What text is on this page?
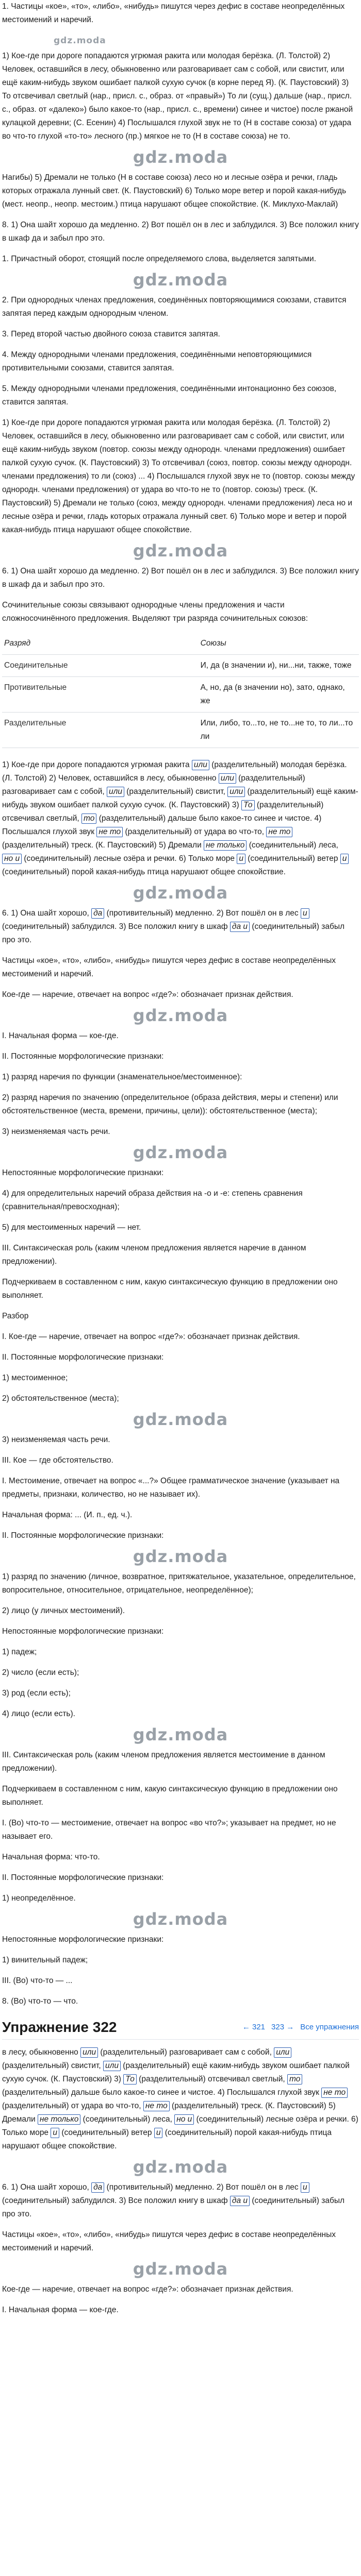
1. Частицы «кое», «то», «либо», «нибудь» пишутся через дефис в составе неопределённых местоимений и наречий.

gdz.moda

1) Кое-где при дороге попадаются угрюмая ракита или молодая берёзка. (Л. Толстой) 2) Человек, оставшийся в лесу, обыкновенно или разговаривает сам с собой, или свистит, или ещё каким-нибудь звуком ошибает палкой сухую сучок (в корне перед Я). (К. Паустовский) 3) То отсвечивал светлый (нар., присл. с., образ. от «правый») То ли (сущ.) дальше (нар., присл. с., образ. от «далеко») было какое-то (нар., присл. с., времени) синее и чистое) после ржаной кулацкой деревни; (С. Есенин) 4) Послышался глухой звук не то (Н в составе союза) от удара во что-то глухой «то-то» лесного (пр.) мягкое не то (Н в составе союза) не то.

gdz.moda

Нагибы) 5) Дремали не только (Н в составе союза) лесо но и лесные озёра и речки, гладь которых отражала лунный свет. (К. Паустовский) 6) Только море ветер и порой какая-нибудь (мест. неопр., неопр. местоим.) птица нарушают общее спокойствие. (К. Миклухо-Маклай)

8. 1) Она шайт хорошо да медленно. 2) Вот пошёл он в лес и заблудился. 3) Все положил книгу в шкаф да и забыл про это.

1. Причастный оборот, стоящий после определяемого слова, выделяется запятыми.

gdz.moda

2. При однородных членах предложения, соединённых повторяющимися союзами, ставится запятая перед каждым однородным членом.

3. Перед второй частью двойного союза ставится запятая.

4. Между однородными членами предложения, соединёнными неповторяющимися противительными союзами, ставится запятая.

5. Между однородными членами предложения, соединёнными интонационно без союзов, ставится запятая.

1) Кое-где при дороге попадаются угрюмая ракита или молодая берёзка. (Л. Толстой) 2) Человек, оставшийся в лесу, обыкновенно или разговаривает сам с собой, или свистит, или ещё каким-нибудь звуком (повтор. союзы между однородн. членами предложения) ошибает палкой сухую сучок. (К. Паустовский) 3) То отсвечивал (союз, повтор. союзы между однородн. членами предложения) то ли (союз) ... 4) Послышался глухой звук не то (повтор. союзы между однородн. членами предложения) от удара во что-то не то (повтор. союзы) треск. (К. Паустовский) 5) Дремали не только (союз, между однородн. членами предложения) леса но и лесные озёра и речки, гладь которых отражала лунный свет. 6) Только море и ветер и порой какая-нибудь птица нарушают общее спокойствие.

gdz.moda

6. 1) Она шайт хорошо да медленно. 2) Вот пошёл он в лес и заблудился. 3) Все положил книгу в шкаф да и забыл про это.

Сочинительные союзы связывают однородные члены предложения и части сложносочинённого предложения. Выделяют три разряда сочинительных союзов:

Разряд	Союзы
Соединительные	И, да (в значении и), ни...ни, также, тоже
Противительные	А, но, да (в значении но), зато, однако, же
Разделительные	Или, либо, то...то, не то...не то, то ли...то ли

1) Кое-где при дороге попадаются угрюмая ракита или (разделительный) молодая берёзка. (Л. Толстой) 2) Человек, оставшийся в лесу, обыкновенно или (разделительный) разговаривает сам с собой, или (разделительный) свистит, или (разделительный) ещё каким-нибудь звуком ошибает палкой сухую сучок. (К. Паустовский) 3) То (разделительный) отсвечивал светлый, то (разделительный) дальше было какое-то синее и чистое. 4) Послышался глухой звук не то (разделительный) от удара во что-то, не то (разделительный) треск. (К. Паустовский) 5) Дремали не только (соединительный) леса, но и (соединительный) лесные озёра и речки. 6) Только море и (соединительный) ветер и (соединительный) порой какая-нибудь птица нарушают общее спокойствие.

gdz.moda

6. 1) Она шайт хорошо, да (противительный) медленно. 2) Вот пошёл он в лес и (соединительный) заблудился. 3) Все положил книгу в шкаф да и (соединительный) забыл про это.

Частицы «кое», «то», «либо», «нибудь» пишутся через дефис в составе неопределённых местоимений и наречий.

Кое-где — наречие, отвечает на вопрос «где?»: обозначает признак действия.

gdz.moda

I. Начальная форма — кое-где.

II. Постоянные морфологические признаки:

1) разряд наречия по функции (знаменательное/местоименное):

2) разряд наречия по значению (определительное (образа действия, меры и степени) или обстоятельственное (места, времени, причины, цели)): обстоятельственное (места);

3) неизменяемая часть речи.

gdz.moda

Непостоянные морфологические признаки:

4) для определительных наречий образа действия на -о и -е: степень сравнения (сравнительная/превосходная);

5) для местоименных наречий — нет.

III. Синтаксическая роль (каким членом предложения является наречие в данном предложении).

Подчеркиваем в составленном с ним, какую синтаксическую функцию в предложении оно выполняет.

Разбор

I. Кое-где — наречие, отвечает на вопрос «где?»: обозначает признак действия.

II. Постоянные морфологические признаки:

1) местоименное;

2) обстоятельственное (места);

gdz.moda

3) неизменяемая часть речи.

III. Кое — где обстоятельство.

I. Местоимение, отвечает на вопрос «...?» Общее грамматическое значение (указывает на предметы, признаки, количество, но не называет их).

Начальная форма: ... (И. п., ед. ч.).

II. Постоянные морфологические признаки:

gdz.moda

1) разряд по значению (личное, возвратное, притяжательное, указательное, определительное, вопросительное, относительное, отрицательное, неопределённое);

2) лицо (у личных местоимений).

Непостоянные морфологические признаки:

1) падеж;

2) число (если есть);

3) род (если есть);

4) лицо (если есть).

gdz.moda

III. Синтаксическая роль (каким членом предложения является местоимение в данном предложении).

Подчеркиваем в составленном с ним, какую синтаксическую функцию в предложении оно выполняет.

I. (Во) что-то — местоимение, отвечает на вопрос «во что?»; указывает на предмет, но не называет его.

Начальная форма: что-то.

II. Постоянные морфологические признаки:

1) неопределённое.

gdz.moda

Непостоянные морфологические признаки:

1) винительный падеж;

III. (Во) что-то — ...

8. (Во) что-то — что.

Упражнение 322	← 321 323 → Все упражнения

в лесу, обыкновенно или (разделительный) разговаривает сам с собой, или (разделительный) свистит, или (разделительный) ещё каким-нибудь звуком ошибает палкой сухую сучок. (К. Паустовский) 3) То (разделительный) отсвечивал светлый, то (разделительный) дальше было какое-то синее и чистое. 4) Послышался глухой звук не то (разделительный) от удара во что-то, не то (разделительный) треск. (К. Паустовский) 5) Дремали не только (соединительный) леса, но и (соединительный) лесные озёра и речки. 6) Только море и (соединительный) ветер и (соединительный) порой какая-нибудь птица нарушают общее спокойствие.

gdz.moda

6. 1) Она шайт хорошо, да (противительный) медленно. 2) Вот пошёл он в лес и (соединительный) заблудился. 3) Все положил книгу в шкаф да и (соединительный) забыл про это.

Частицы «кое», «то», «либо», «нибудь» пишутся через дефис в составе неопределённых местоимений и наречий.

gdz.moda

Кое-где — наречие, отвечает на вопрос «где?»: обозначает признак действия.

I. Начальная форма — кое-где.
